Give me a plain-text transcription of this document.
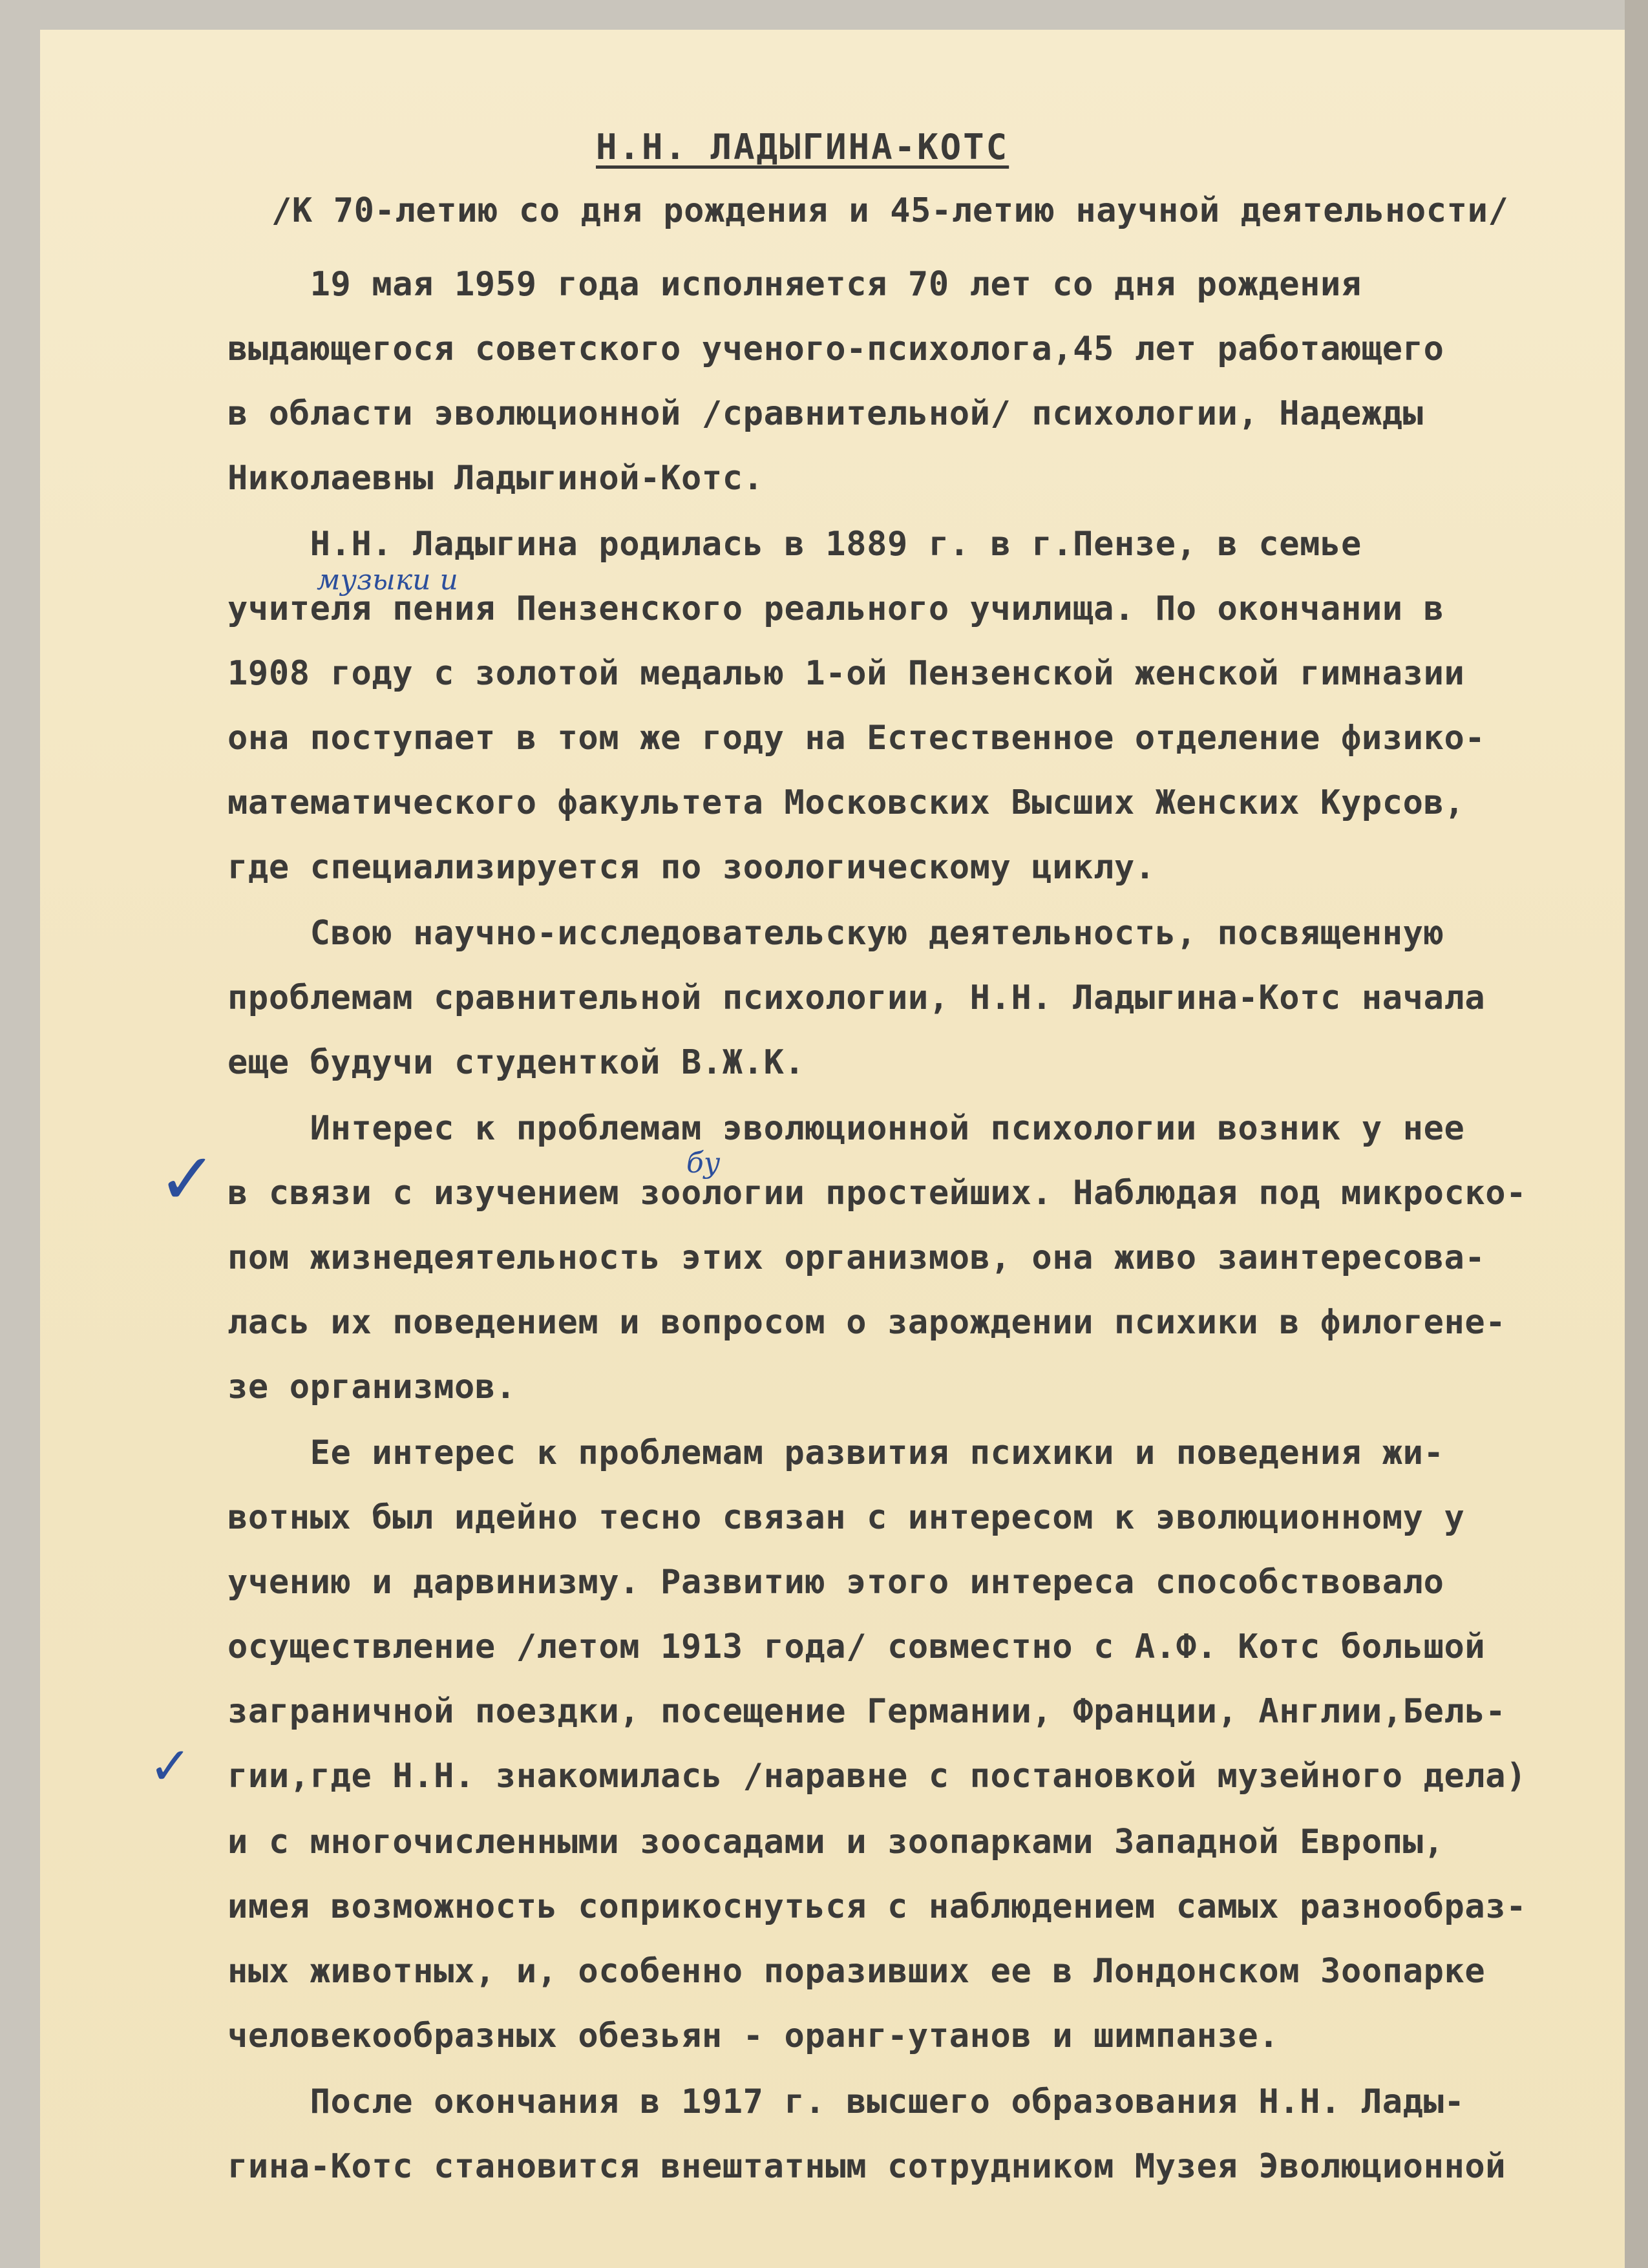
Н.Н. ЛАДЫГИНА-КОТС
/К 70-летию со дня рождения и 45-летию научной деятельности/
19 мая 1959 года исполняется 70 лет со дня рождения
выдающегося советского ученого-психолога,45 лет работающего
в области эволюционной /сравнительной/ психологии, Надежды
Николаевны Ладыгиной-Котс.
Н.Н. Ладыгина родилась в 1889 г. в г.Пензе, в семье
учителя пения Пензенского реального училища. По окончании в
1908 году с золотой медалью 1-ой Пензенской женской гимназии
она поступает в том же году на Естественное отделение физико-
математического факультета Московских Высших Женских Курсов,
где специализируется по зоологическому циклу.
Свою научно-исследовательскую деятельность, посвященную
проблемам сравнительной психологии, Н.Н. Ладыгина-Котс начала
еще будучи студенткой В.Ж.К.
Интерес к проблемам эволюционной психологии возник у нее
в связи с изучением зоологии простейших. Наблюдая под микроско-
пом жизнедеятельность этих организмов, она живо заинтересова-
лась их поведением и вопросом о зарождении психики в филогене-
зе организмов.
Ее интерес к проблемам развития психики и поведения жи-
вотных был идейно тесно связан с интересом к эволюционному у
учению и дарвинизму. Развитию этого интереса способствовало
осуществление /летом 1913 года/ совместно с А.Ф. Котс большой
заграничной поездки, посещение Германии, Франции, Англии,Бель-
гии,где Н.Н. знакомилась /наравне с постановкой музейного дела)
и с многочисленными зоосадами и зоопарками Западной Европы,
имея возможность соприкоснуться с наблюдением самых разнообраз-
ных животных, и, особенно поразивших ее в Лондонском Зоопарке
человекообразных обезьян - оранг-утанов и шимпанзе.
После окончания в 1917 г. высшего образования Н.Н. Лады-
гина-Котс становится внештатным сотрудником Музея Эволюционной
музыки и
бу
✓
✓
